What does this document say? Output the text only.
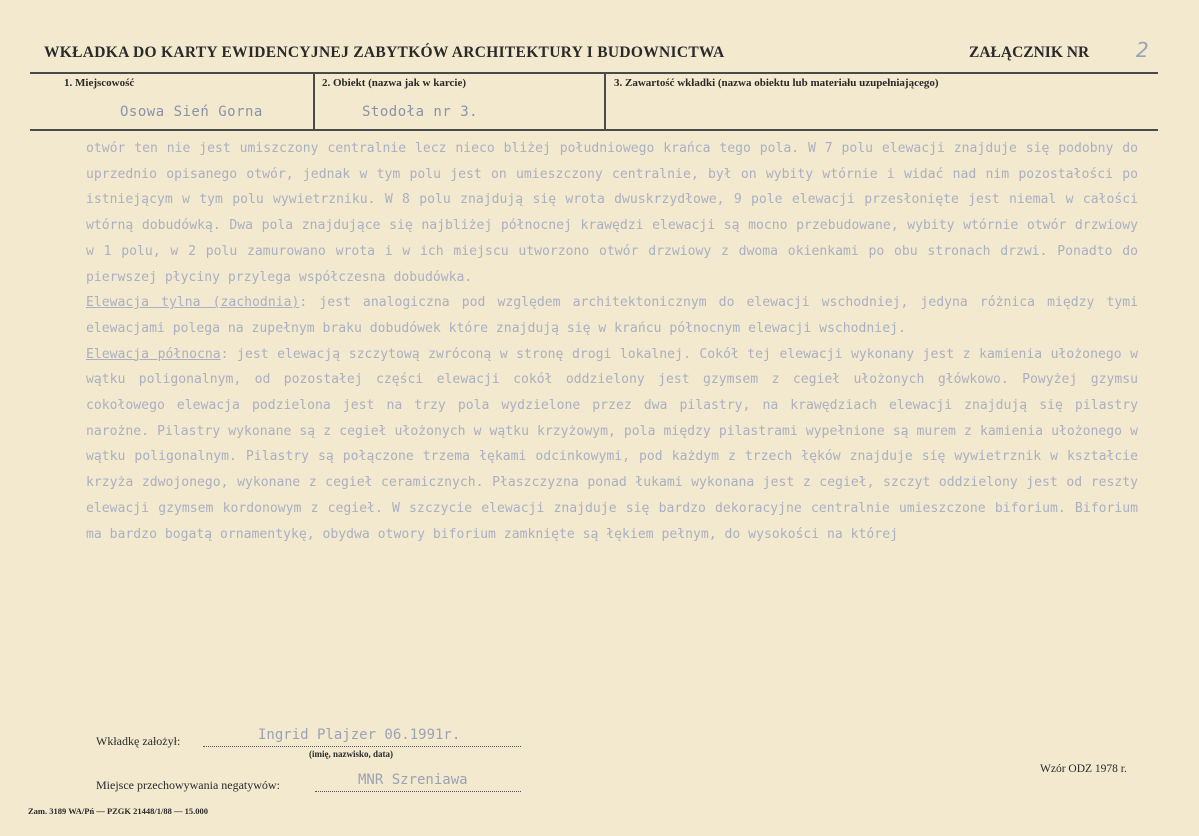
WKŁADKA DO KARTY EWIDENCYJNEJ ZABYTKÓW ARCHITEKTURY I BUDOWNICTWA	ZAŁĄCZNIK NR 2
1. Miejscowość	2. Obiekt (nazwa jak w karcie)	3. Zawartość wkładki (nazwa obiektu lub materiału uzupełniającego)
Osowa Sień Gorna	Stodoła nr 3.

otwór ten nie jest umiszczony centralnie lecz nieco bliżej południowego krańca tego pola. W 7 polu elewacji znajduje się podobny do uprzednio opisanego otwór, jednak w tym polu jest on umieszczony centralnie, był on wybity wtórnie i widać nad nim pozostałości po istniejącym w tym polu wywietrzniku. W 8 polu znajdują się wrota dwuskrzydłowe, 9 pole elewacji przesłonięte jest niemal w całości wtórną dobudówką. Dwa pola znajdujące się najbliżej północnej krawędzi elewacji są mocno przebudowane, wybity wtórnie otwór drzwiowy w 1 polu, w 2 polu zamurowano wrota i w ich miejscu utworzono otwór drzwiowy z dwoma okienkami po obu stronach drzwi. Ponadto do pierwszej płyciny przylega współczesna dobudówka.

Elewacja tylna (zachodnia): jest analogiczna pod względem architektonicznym do elewacji wschodniej, jedyna różnica między tymi elewacjami polega na zupełnym braku dobudówek które znajdują się w krańcu północnym elewacji wschodniej.

Elewacja północna: jest elewacją szczytową zwróconą w stronę drogi lokalnej. Cokół tej elewacji wykonany jest z kamienia ułożonego w wątku poligonalnym, od pozostałej części elewacji cokół oddzielony jest gzymsem z cegieł ułożonych główkowo. Powyżej gzymsu cokołowego elewacja podzielona jest na trzy pola wydzielone przez dwa pilastry, na krawędziach elewacji znajdują się pilastry narożne. Pilastry wykonane są z cegieł ułożonych w wątku krzyżowym, pola między pilastrami wypełnione są murem z kamienia ułożonego w wątku poligonalnym. Pilastry są połączone trzema łękami odcinkowymi, pod każdym z trzech łęków znajduje się wywietrznik w kształcie krzyża zdwojonego, wykonane z cegieł ceramicznych. Płaszczyzna ponad łukami wykonana jest z cegieł, szczyt oddzielony jest od reszty elewacji gzymsem kordonowym z cegieł. W szczycie elewacji znajduje się bardzo dekoracyjne centralnie umieszczone biforium. Biforium ma bardzo bogatą ornamentykę, obydwa otwory biforium zamknięte są łękiem pełnym, do wysokości na której

Wkładkę założył:	Ingrid Plajzer 06.1991r.
(imię, nazwisko, data)
Miejsce przechowywania negatywów:	MNR Szreniawa
Wzór ODZ 1978 r.
Zam. 3189 WA/Pń — PZGK 21448/1/88 — 15.000
